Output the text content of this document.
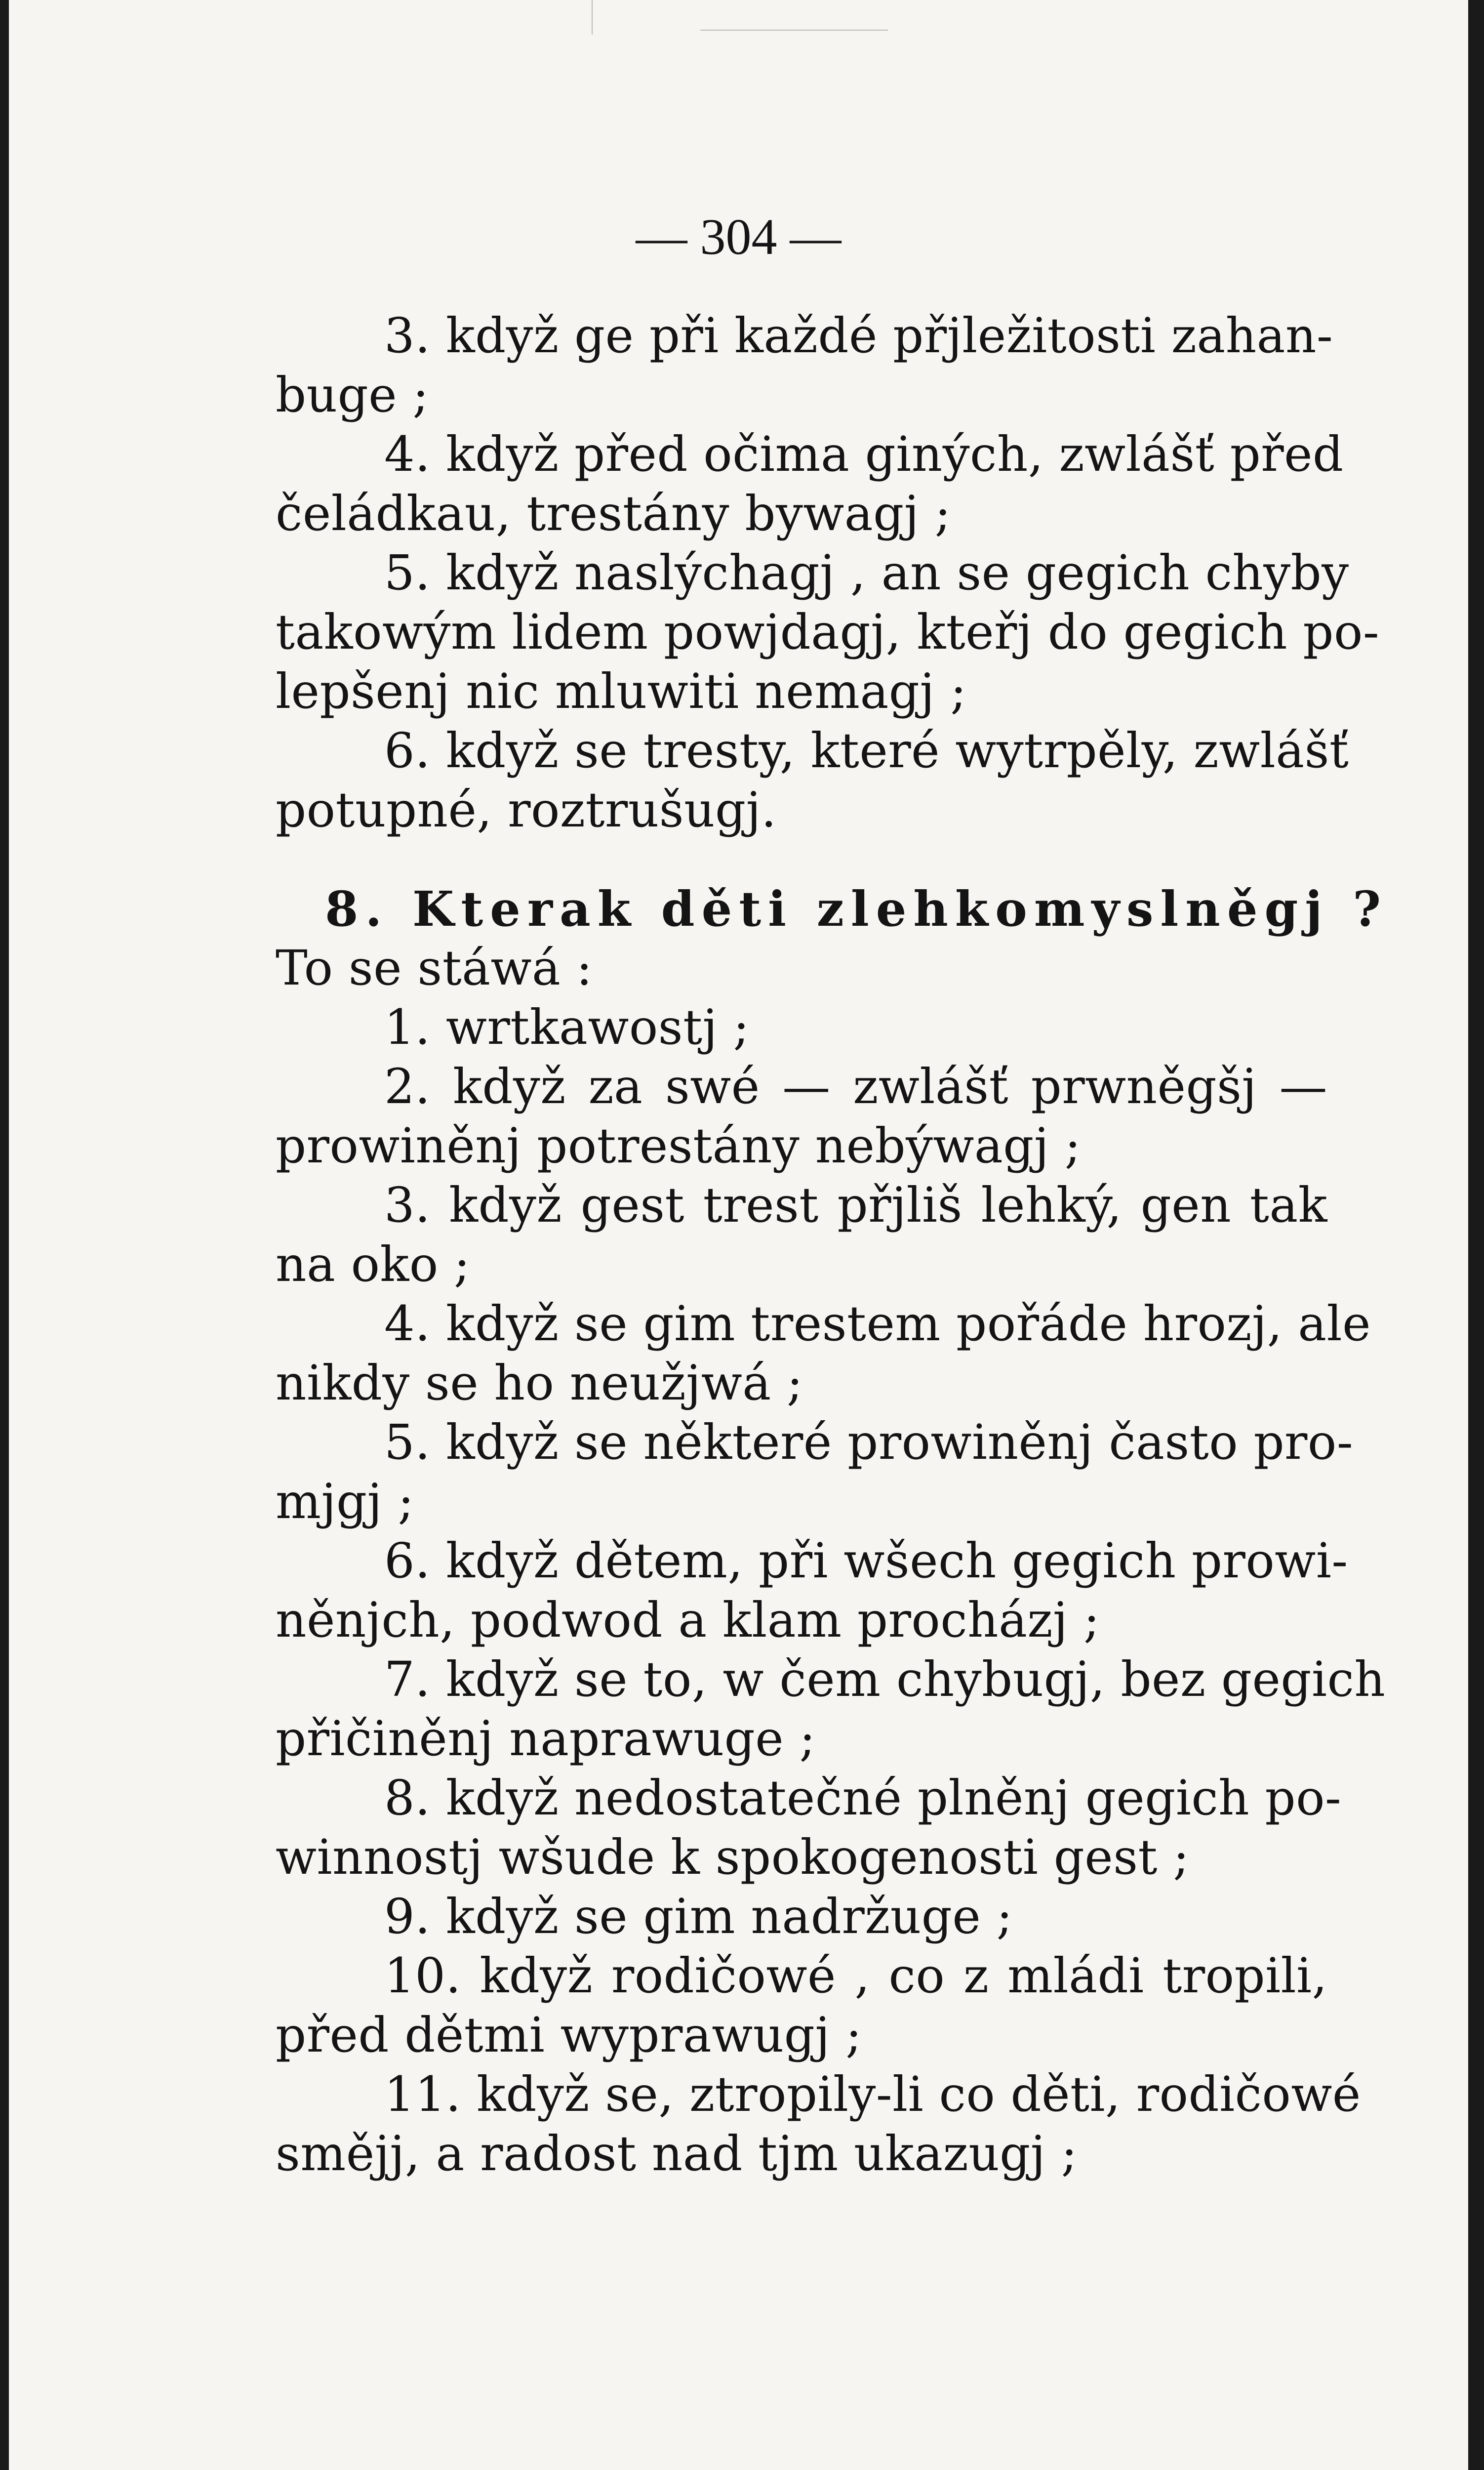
— 304 —
3. když ge při každé přjležitosti zahan-
buge ;
4. když před očima giných, zwlášť před
čeládkau, trestány bywagj ;
5. když naslýchagj , an se gegich chyby
takowým lidem powjdagj, kteřj do gegich po-
lepšenj nic mluwiti nemagj ;
6. když se tresty, které wytrpěly, zwlášť
potupné, roztrušugj.
8. Kterak děti zlehkomyslněgj ?
To se stáwá :
1. wrtkawostj ;
2. když za swé — zwlášť prwněgšj —
prowiněnj potrestány nebýwagj ;
3. když gest trest přjliš lehký, gen tak
na oko ;
4. když se gim trestem pořáde hrozj, ale
nikdy se ho neužjwá ;
5. když se některé prowiněnj často pro-
mjgj ;
6. když dětem, při wšech gegich prowi-
něnjch, podwod a klam procházj ;
7. když se to, w čem chybugj, bez gegich
přičiněnj naprawuge ;
8. když nedostatečné plněnj gegich po-
winnostj wšude k spokogenosti gest ;
9. když se gim nadržuge ;
10. když rodičowé , co z mládi tropili,
před dětmi wyprawugj ;
11. když se, ztropily-li co děti, rodičowé
smějj, a radost nad tjm ukazugj ;
